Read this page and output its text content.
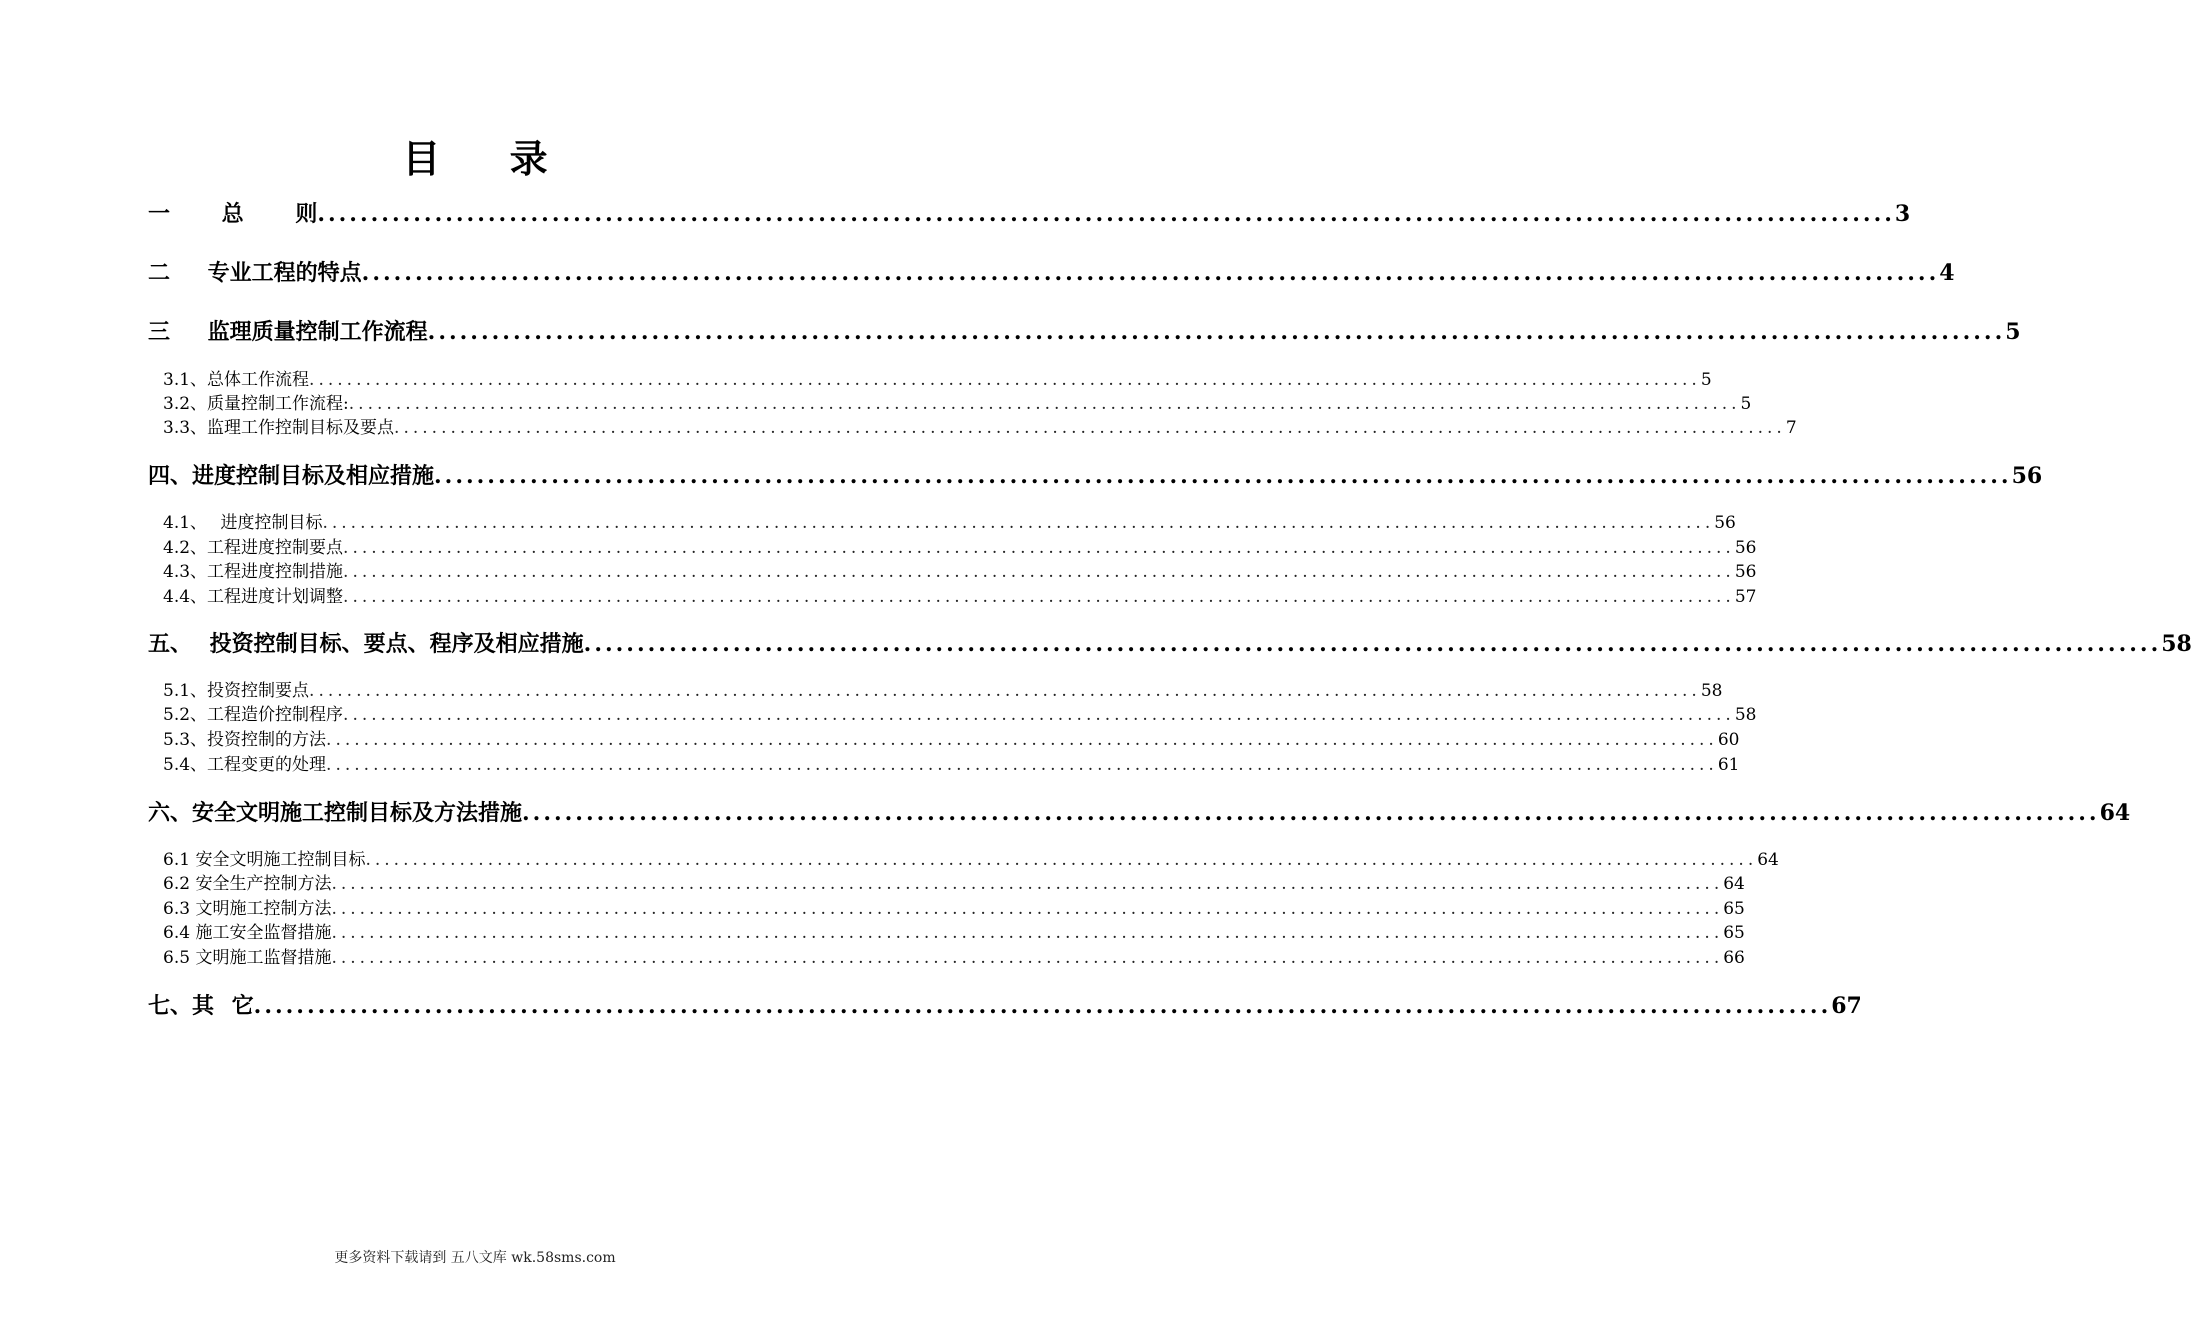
目 录
一 总 则 .................................................................................................................................................... 3
二 专业工程的特点 .................................................................................................................................................... 4
三 监理质量控制工作流程 .................................................................................................................................................... 5
3.1、总体工作流程 .................................................................................................................................................... 5
3.2、质量控制工作流程: .................................................................................................................................................... 5
3.3、监理工作控制目标及要点 .................................................................................................................................................... 7
四、进度控制目标及相应措施 .................................................................................................................................................... 56
4.1、 进度控制目标 .................................................................................................................................................... 56
4.2、工程进度控制要点 .................................................................................................................................................... 56
4.3、工程进度控制措施 .................................................................................................................................................... 56
4.4、工程进度计划调整 .................................................................................................................................................... 57
五、 投资控制目标、要点、程序及相应措施 .................................................................................................................................................... 58
5.1、投资控制要点 .................................................................................................................................................... 58
5.2、工程造价控制程序 .................................................................................................................................................... 58
5.3、投资控制的方法 .................................................................................................................................................... 60
5.4、工程变更的处理 .................................................................................................................................................... 61
六、安全文明施工控制目标及方法措施 .................................................................................................................................................... 64
6.1 安全文明施工控制目标 .................................................................................................................................................... 64
6.2 安全生产控制方法 .................................................................................................................................................... 64
6.3 文明施工控制方法 .................................................................................................................................................... 65
6.4 施工安全监督措施 .................................................................................................................................................... 65
6.5 文明施工监督措施 .................................................................................................................................................... 66
七、其 它 .................................................................................................................................................... 67
更多资料下载请到 五八文库 wk.58sms.com
